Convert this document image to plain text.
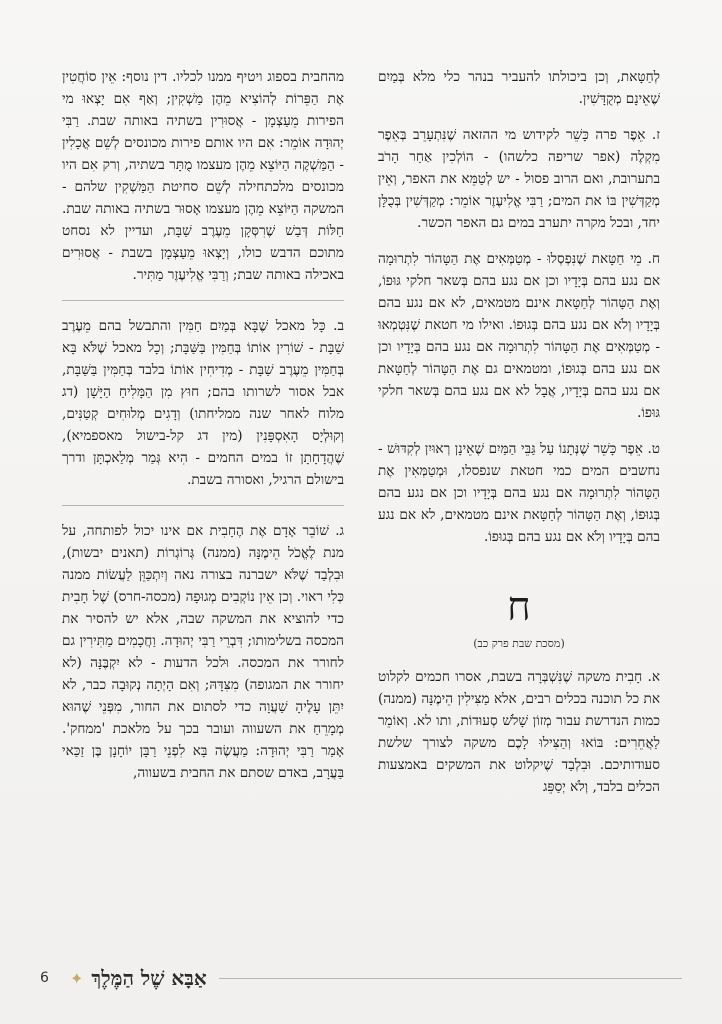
לְחַטָּאת, וְכן ביכולתו להעביר בנהר כלי מלא בְּמַיִם שֶׁאֵינָם מְקֻדָּשִׁין.

ז. אֵפֶר פרה כָּשֵׁר לקידוש מי ההזאה שֶׁנִּתְעָרֵב בְּאֵפֶר מִקְלֶה (אפר שריפה כלשהו) - הוֹלְכִין אַחַר הָרֹב בתערובת, ואם הרוב פסול - יש לְטַמֵּא את האפר, וְאֵין מְקַדְּשִׁין בּוֹ את המים; רַבִּי אֱלִיעֶזֶר אוֹמֵר: מְקַדְּשִׁין בְּכֻלָּן יחד, ובכל מקרה יתערב במים גם האפר הכשר.

ח. מֵי חַטָּאת שֶׁנִּפְסְלוּ - מְטַמְּאִים אֶת הַטָּהוֹר לִתְרוּמָה אם נגע בהם בְּיָדָיו וכן אם נגע בהם בְּשאר חלקי גּוּפוֹ, וְאֶת הַטָּהוֹר לְחַטָּאת אינם מטמאים, לא אם נגע בהם בְּיָדָיו וְלֹא אם נגע בהם בְּגוּפוֹ. ואילו מי חטאת שֶׁנִּטְמְאוּ - מְטַמְּאִים אֶת הַטָּהוֹר לִתְרוּמָה אם נגע בהם בְּיָדָיו וכן אם נגע בהם בְּגוּפוֹ, ומטמאים גם אֶת הַטָּהוֹר לְחַטָּאת אם נגע בהם בְּיָדָיו, אֲבָל לא אם נגע בהם בְּשאר חלקי גּוּפוֹ.

ט. אֵפֶר כָּשֵׁר שֶׁנְּתָנוֹ עַל גַּבֵּי הַמַּיִם שֶׁאֵינָן רְאוּיִן לְקִדּוּשׁ - נחשבים המים כמי חטאת שנפסלו, וּמְטַמְּאִין אֶת הַטָּהוֹר לִתְרוּמָה אם נגע בהם בְּיָדָיו וכן אם נגע בהם בְּגוּפוֹ, וְאֶת הַטָּהוֹר לְחַטָּאת אינם מטמאים, לא אם נגע בהם בְּיָדָיו וְלֹא אם נגע בהם בְּגוּפוֹ.

ח
(מסכת שבת פרק כב)

א. חָבִית משקה שֶׁנִּשְׁבְּרָה בשבת, אסרו חכמים לקלוט את כל תוכנה בכלים רבים, אלא מַצִּילִין הֵימֶנָּה (ממנה) כמות הנדרשת עבור מְזוֹן שָׁלֹשׁ סְעוּדוֹת, ותו לא. וְאוֹמֵר לַאֲחֵרִים: בּוֹאוּ וְהַצִּילוּ לָכֶם משקה לצורך שלשת סעודותיכם. וּבִלְבַד שֶׁיקלוט את המשקים באמצעות הכלים בלבד, וְלֹא יְסַפֵּג

מהחבית בספוג ויטיף ממנו לכליו. דין נוסף: אֵין סוֹחֲטִין אֶת הַפֵּרוֹת לְהוֹצִיא מֵהֶן מַשְׁקִין; וְאַף אִם יָצְאוּ מי הפירות מֵעַצְמָן - אֲסוּרִין בשתיה באותה שבת. רַבִּי יְהוּדָה אוֹמֵר: אִם היו אותם פירות מכונסים לְשֵׁם אֳכָלִין - הַמַּשְׁקֶה הַיּוֹצֵא מֵהֶן מעצמו מֻתָּר בשתיה, וְרק אִם היו מכונסים מלכתחילה לְשֵׁם סחיטת הַמַּשְׁקִין שלהם - המשקה הַיּוֹצֵא מֵהֶן מעצמו אָסוּר בשתיה באותה שבת. חַלּוֹת דְּבַשׁ שֶׁרִסְּקָן מֵעֶרֶב שַׁבָּת, ועדיין לא נסחט מתוכם הדבש כולו, וְיָצְאוּ מֵעַצְמָן בשבת - אֲסוּרִים באכילה באותה שבת; וְרַבִּי אֱלִיעֶזֶר מַתִּיר.

ב. כָּל מאכל שֶׁבָּא בְּמַיִם חַמִּין והתבשל בהם מֵעֶרֶב שַׁבָּת - שׁוֹרִין אוֹתוֹ בְּחַמִּין בַּשַּׁבָּת; וְכָל מאכל שֶׁלֹּא בָּא בְּחַמִּין מֵעֶרֶב שַׁבָּת - מְדִיחִין אוֹתוֹ בלבד בְּחַמִּין בַּשַּׁבָּת, אבל אסור לשרותו בהם; חוּץ מִן הַמָּלִיחַ הַיָּשָׁן (דג מלוח לאחר שנה ממליחתו) וְדָגִים מְלוּחִים קְטַנִּים, וְקוּלְיָס הָאִסְפָּנִין (מין דג קל-בישול מאספמיא), שֶׁהֲדָחָתָן זוֹ במים החמים - הִיא גְּמַר מְלַאכְתָּן ודרך בישולם הרגיל, ואסורה בשבת.

ג. שׁוֹבֵר אָדָם אֶת הֶחָבִית אם אינו יכול לפותחה, על מנת לֶאֱכֹל הֵימֶנָּה (ממנה) גְּרוֹגְרוֹת (תאנים יבשות), וּבִלְבַד שֶׁלֹּא ישברנה בצורה נאה וְיִתְכַּוֵּן לַעֲשׂוֹת ממנה כְּלִי ראוי. וְכן אֵין נוֹקְבִים מְגוּפָה (מכסה-חרס) שֶׁל חָבִית כדי להוציא את המשקה שבה, אלא יש להסיר את המכסה בשלימותו; דִּבְרֵי רַבִּי יְהוּדָה. וַחֲכָמִים מַתִּירִין גם לחורר את המכסה. וּלכל הדעות - לא יִקְבֶּנָּה (לא יחורר את המגופה) מִצִּדָּהּ; וְאִם הָיְתָה נְקוּבָה כבר, לא יִתֵּן עָלֶיהָ שַׁעֲוָה כדי לסתום את החור, מִפְּנֵי שֶׁהוּא מְמָרֵחַ את השעווה ועובר בכך על מלאכת 'ממחק'. אָמַר רַבִּי יְהוּדָה: מַעֲשֶׂה בָּא לִפְנֵי רַבָּן יוֹחָנָן בֶּן זַכַּאי בַּעֲרָב, באדם שסתם את החבית בשעווה,

6	✦ אַבָּא שֶׁל הַמֶּלֶךְ
